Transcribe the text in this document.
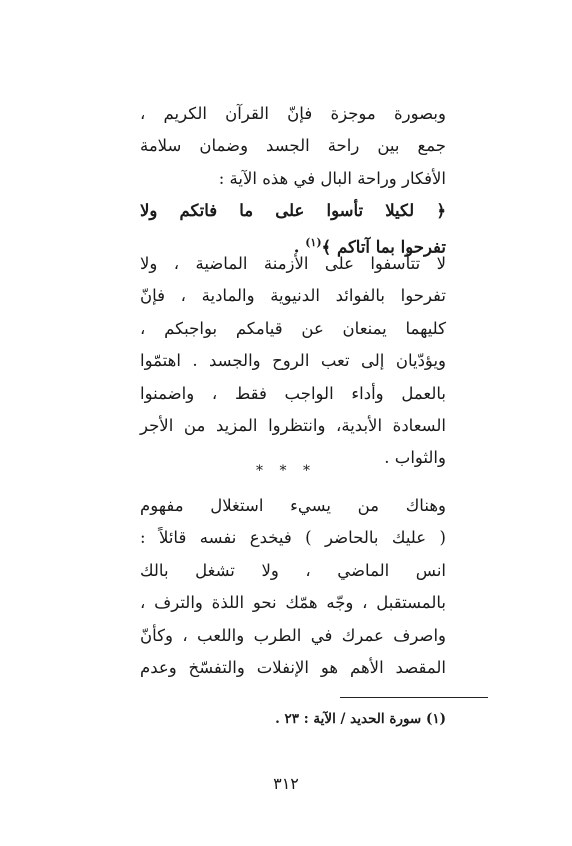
وبصورة موجزة فإنّ القرآن الكريم ،
جمع بين راحة الجسد وضمان سلامة
الأفكار وراحة البال في هذه الآية :
﴿ لكيلا تأسوا على ما فاتكم ولا
تفرحوا بما آتاكم ﴾$^{(١)}$ .
لا تتأسفوا على الأزمنة الماضية ، ولا
تفرحوا بالفوائد الدنيوية والمادية ، فإنّ
كليهما يمنعان عن قيامكم بواجبكم ،
ويؤدّيان إلى تعب الروح والجسد . اهتمّوا
بالعمل وأداء الواجب فقط ، واضمنوا
السعادة الأبدية، وانتظروا المزيد من الأجر
والثواب .
* * *
وهناك من يسيء استغلال مفهوم
( عليك بالحاضر ) فيخدع نفسه قائلاً :
انس الماضي ، ولا تشغل بالك
بالمستقبل ، وجّه همّك نحو اللذة والترف ،
واصرف عمرك في الطرب واللعب ، وكأنّ
المقصد الأهم هو الإنفلات والتفسّخ وعدم
(١) سورة الحديد / الآية : ٢٣ .
٣١٢
